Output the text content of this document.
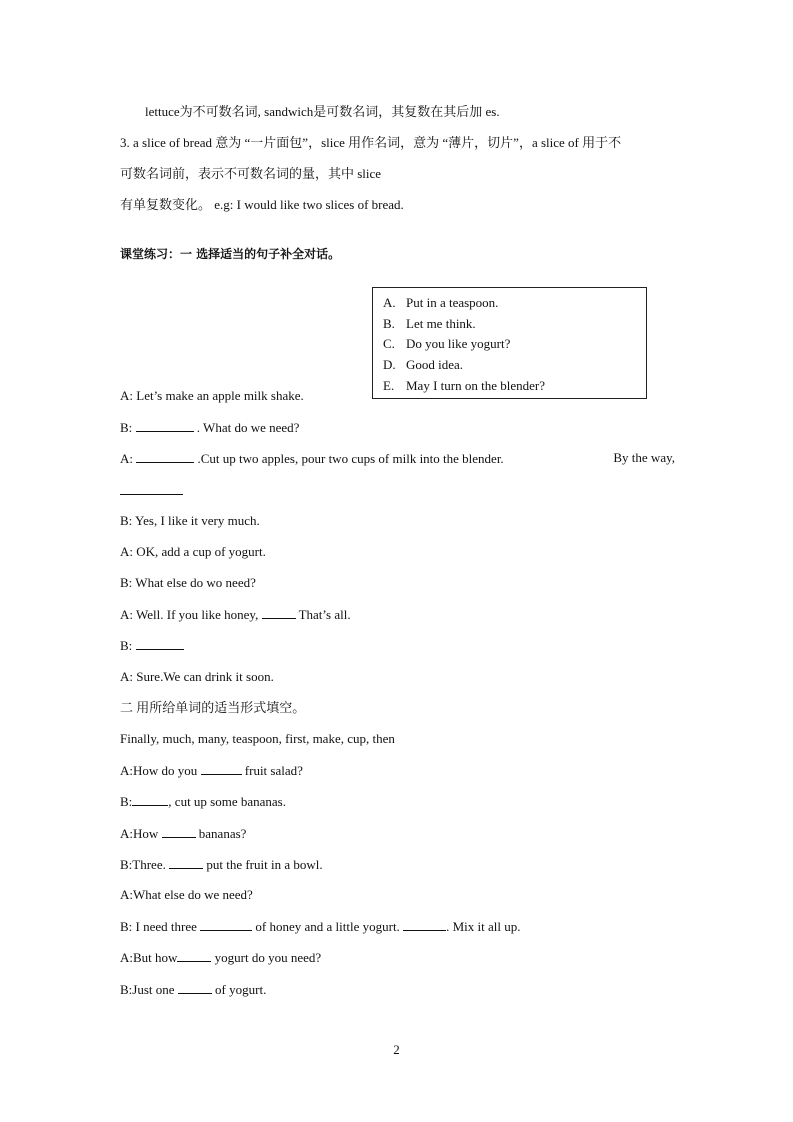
lettuce为不可数名词, sandwich是可数名词，其复数在其后加 es.
3. a slice of bread 意为 “一片面包”，slice 用作名词，意为 “薄片，切片”，a slice of 用于不
可数名词前，表示不可数名词的量，其中 slice
有单复数变化。 e.g: I would like two slices of bread.
课堂练习：一 选择适当的句子补全对话。
A. Put in a teaspoon.
B. Let me think.
C. Do you like yogurt?
D. Good idea.
E. May I turn on the blender?
A: Let’s make an apple milk shake.
B:	. What do we need?
A:	.Cut up two apples, pour two cups of milk into the blender.	By the way,
B: Yes, I like it very much.
A: OK, add a cup of yogurt.
B: What else do wo need?
A: Well. If you like honey,	That’s all.
B:
A: Sure.We can drink it soon.
二 用所给单词的适当形式填空。
Finally, much, many, teaspoon, first, make, cup, then
A:How do you	fruit salad?
B:	, cut up some bananas.
A:How	bananas?
B:Three.	put the fruit in a bowl.
A:What else do we need?
B: I need three	of honey and a little yogurt.	. Mix it all up.
A:But how	yogurt do you need?
B:Just one	of yogurt.
2
